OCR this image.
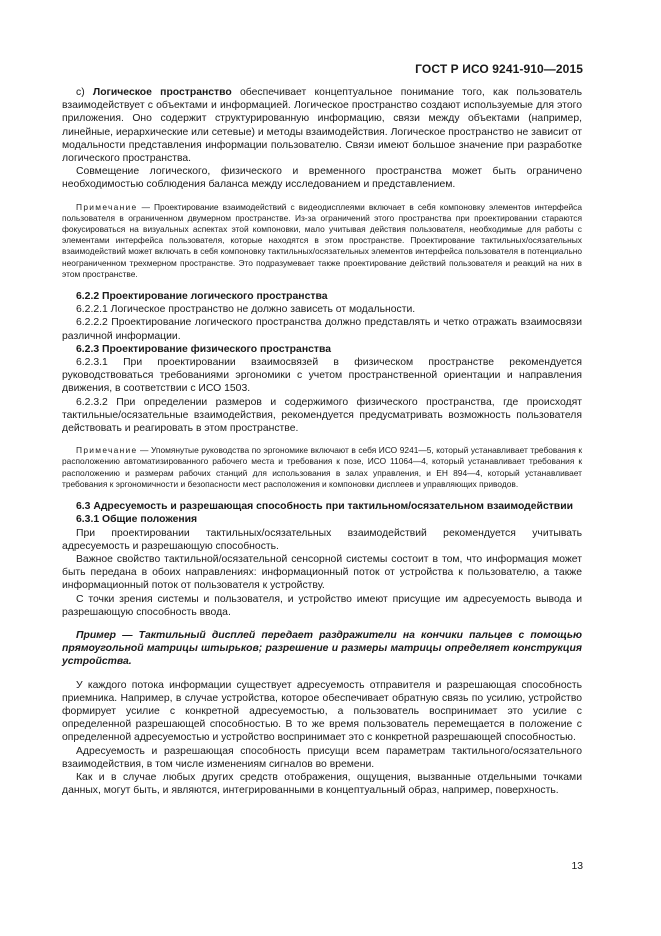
ГОСТ Р ИСО 9241-910—2015

c) Логическое пространство обеспечивает концептуальное понимание того, как пользователь взаимодействует с объектами и информацией. Логическое пространство создают используемые для этого приложения. Оно содержит структурированную информацию, связи между объектами (например, линейные, иерархические или сетевые) и методы взаимодействия. Логическое пространство не зависит от модальности представления информации пользователю. Связи имеют большое значение при разработке логического пространства.

Совмещение логического, физического и временного пространства может быть ограничено необходимостью соблюдения баланса между исследованием и представлением.

Примечание — Проектирование взаимодействий с видеодисплеями включает в себя компоновку элементов интерфейса пользователя в ограниченном двумерном пространстве. Из-за ограничений этого пространства при проектировании стараются фокусироваться на визуальных аспектах этой компоновки, мало учитывая действия пользователя, необходимые для работы с элементами интерфейса пользователя, которые находятся в этом пространстве. Проектирование тактильных/осязательных взаимодействий может включать в себя компоновку тактильных/осязательных элементов интерфейса пользователя в потенциально неограниченном трехмерном пространстве. Это подразумевает также проектирование действий пользователя и реакций на них в этом пространстве.

6.2.2 Проектирование логического пространства

6.2.2.1 Логическое пространство не должно зависеть от модальности.

6.2.2.2 Проектирование логического пространства должно представлять и четко отражать взаимосвязи различной информации.

6.2.3 Проектирование физического пространства

6.2.3.1 При проектировании взаимосвязей в физическом пространстве рекомендуется руководствоваться требованиями эргономики с учетом пространственной ориентации и направления движения, в соответствии с ИСО 1503.

6.2.3.2 При определении размеров и содержимого физического пространства, где происходят тактильные/осязательные взаимодействия, рекомендуется предусматривать возможность пользователя действовать и реагировать в этом пространстве.

Примечание — Упомянутые руководства по эргономике включают в себя ИСО 9241—5, который устанавливает требования к расположению автоматизированного рабочего места и требования к позе, ИСО 11064—4, который устанавливает требования к расположению и размерам рабочих станций для использования в залах управления, и ЕН 894—4, который устанавливает требования к эргономичности и безопасности мест расположения и компоновки дисплеев и управляющих приводов.

6.3 Адресуемость и разрешающая способность при тактильном/осязательном взаимодействии

6.3.1 Общие положения

При проектировании тактильных/осязательных взаимодействий рекомендуется учитывать адресуемость и разрешающую способность.

Важное свойство тактильной/осязательной сенсорной системы состоит в том, что информация может быть передана в обоих направлениях: информационный поток от устройства к пользователю, а также информационный поток от пользователя к устройству.

С точки зрения системы и пользователя, и устройство имеют присущие им адресуемость вывода и разрешающую способность ввода.

Пример — Тактильный дисплей передает раздражители на кончики пальцев с помощью прямоугольной матрицы штырьков; разрешение и размеры матрицы определяет конструкция устройства.

У каждого потока информации существует адресуемость отправителя и разрешающая способность приемника. Например, в случае устройства, которое обеспечивает обратную связь по усилию, устройство формирует усилие с конкретной адресуемостью, а пользователь воспринимает это усилие с определенной разрешающей способностью. В то же время пользователь перемещается в положение с определенной адресуемостью и устройство воспринимает это с конкретной разрешающей способностью.

Адресуемость и разрешающая способность присущи всем параметрам тактильного/осязательного взаимодействия, в том числе изменениям сигналов во времени.

Как и в случае любых других средств отображения, ощущения, вызванные отдельными точками данных, могут быть, и являются, интегрированными в концептуальный образ, например, поверхность.

13
